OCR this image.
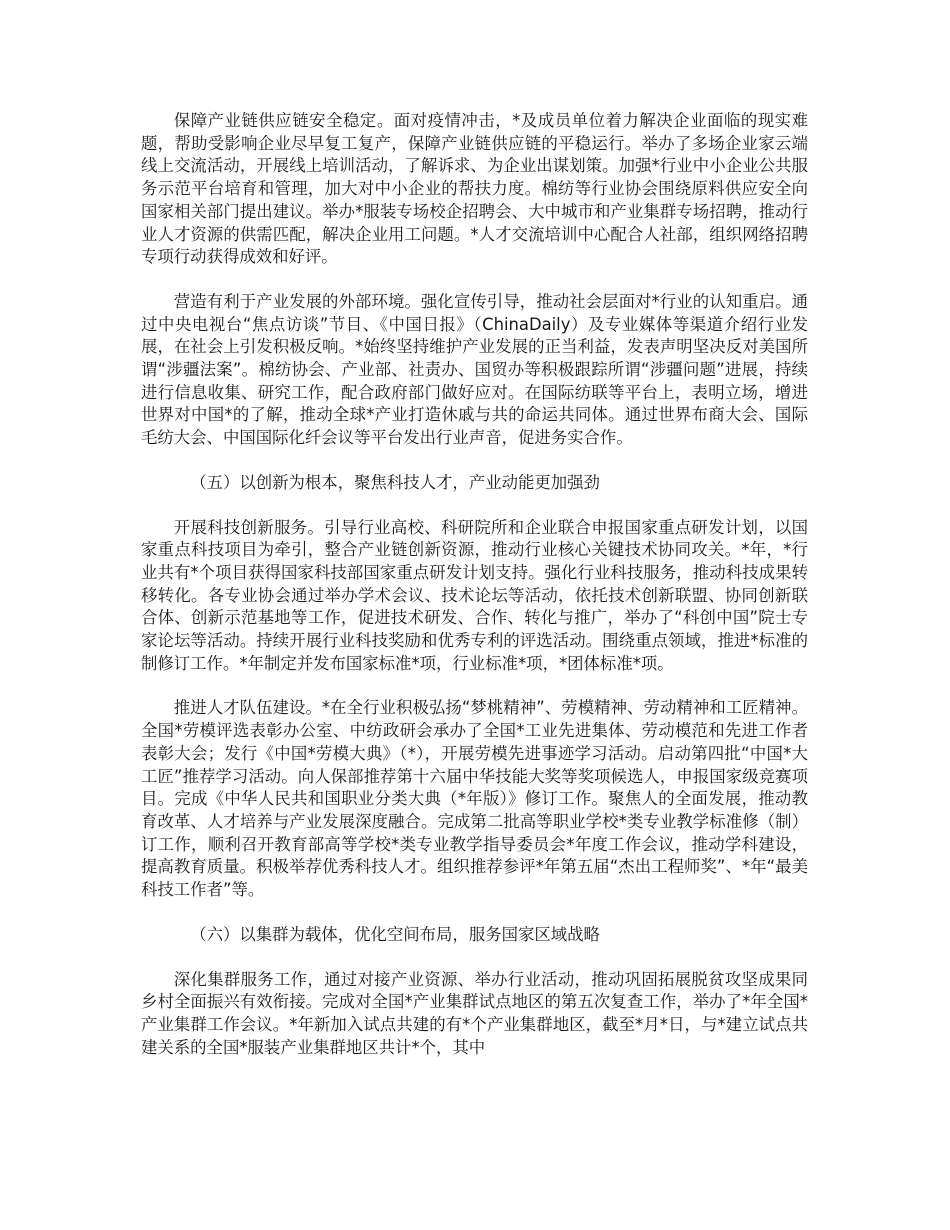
保障产业链供应链安全稳定。面对疫情冲击，*及成员单位着力解决企业面临的现实难题，帮助受影响企业尽早复工复产，保障产业链供应链的平稳运行。举办了多场企业家云端线上交流活动，开展线上培训活动，了解诉求、为企业出谋划策。加强*行业中小企业公共服务示范平台培育和管理，加大对中小企业的帮扶力度。棉纺等行业协会围绕原料供应安全向国家相关部门提出建议。举办*服装专场校企招聘会、大中城市和产业集群专场招聘，推动行业人才资源的供需匹配，解决企业用工问题。*人才交流培训中心配合人社部，组织网络招聘专项行动获得成效和好评。

营造有利于产业发展的外部环境。强化宣传引导，推动社会层面对*行业的认知重启。通过中央电视台“焦点访谈”节目、《中国日报》（ChinaDaily）及专业媒体等渠道介绍行业发展，在社会上引发积极反响。*始终坚持维护产业发展的正当利益，发表声明坚决反对美国所谓“涉疆法案”。棉纺协会、产业部、社责办、国贸办等积极跟踪所谓“涉疆问题”进展，持续进行信息收集、研究工作，配合政府部门做好应对。在国际纺联等平台上，表明立场，增进世界对中国*的了解，推动全球*产业打造休戚与共的命运共同体。通过世界布商大会、国际毛纺大会、中国国际化纤会议等平台发出行业声音，促进务实合作。

（五）以创新为根本，聚焦科技人才，产业动能更加强劲

开展科技创新服务。引导行业高校、科研院所和企业联合申报国家重点研发计划，以国家重点科技项目为牵引，整合产业链创新资源，推动行业核心关键技术协同攻关。*年，*行业共有*个项目获得国家科技部国家重点研发计划支持。强化行业科技服务，推动科技成果转移转化。各专业协会通过举办学术会议、技术论坛等活动，依托技术创新联盟、协同创新联合体、创新示范基地等工作，促进技术研发、合作、转化与推广，举办了“科创中国”院士专家论坛等活动。持续开展行业科技奖励和优秀专利的评选活动。围绕重点领域，推进*标准的制修订工作。*年制定并发布国家标准*项，行业标准*项，*团体标准*项。

推进人才队伍建设。*在全行业积极弘扬“梦桃精神”、劳模精神、劳动精神和工匠精神。全国*劳模评选表彰办公室、中纺政研会承办了全国*工业先进集体、劳动模范和先进工作者表彰大会；发行《中国*劳模大典》（*），开展劳模先进事迹学习活动。启动第四批“中国*大工匠”推荐学习活动。向人保部推荐第十六届中华技能大奖等奖项候选人，申报国家级竞赛项目。完成《中华人民共和国职业分类大典（*年版）》修订工作。聚焦人的全面发展，推动教育改革、人才培养与产业发展深度融合。完成第二批高等职业学校*类专业教学标准修（制）订工作，顺利召开教育部高等学校*类专业教学指导委员会*年度工作会议，推动学科建设，提高教育质量。积极举荐优秀科技人才。组织推荐参评*年第五届“杰出工程师奖”、*年“最美科技工作者”等。

（六）以集群为载体，优化空间布局，服务国家区域战略

深化集群服务工作，通过对接产业资源、举办行业活动，推动巩固拓展脱贫攻坚成果同乡村全面振兴有效衔接。完成对全国*产业集群试点地区的第五次复查工作，举办了*年全国*产业集群工作会议。*年新加入试点共建的有*个产业集群地区，截至*月*日，与*建立试点共建关系的全国*服装产业集群地区共计*个，其中
